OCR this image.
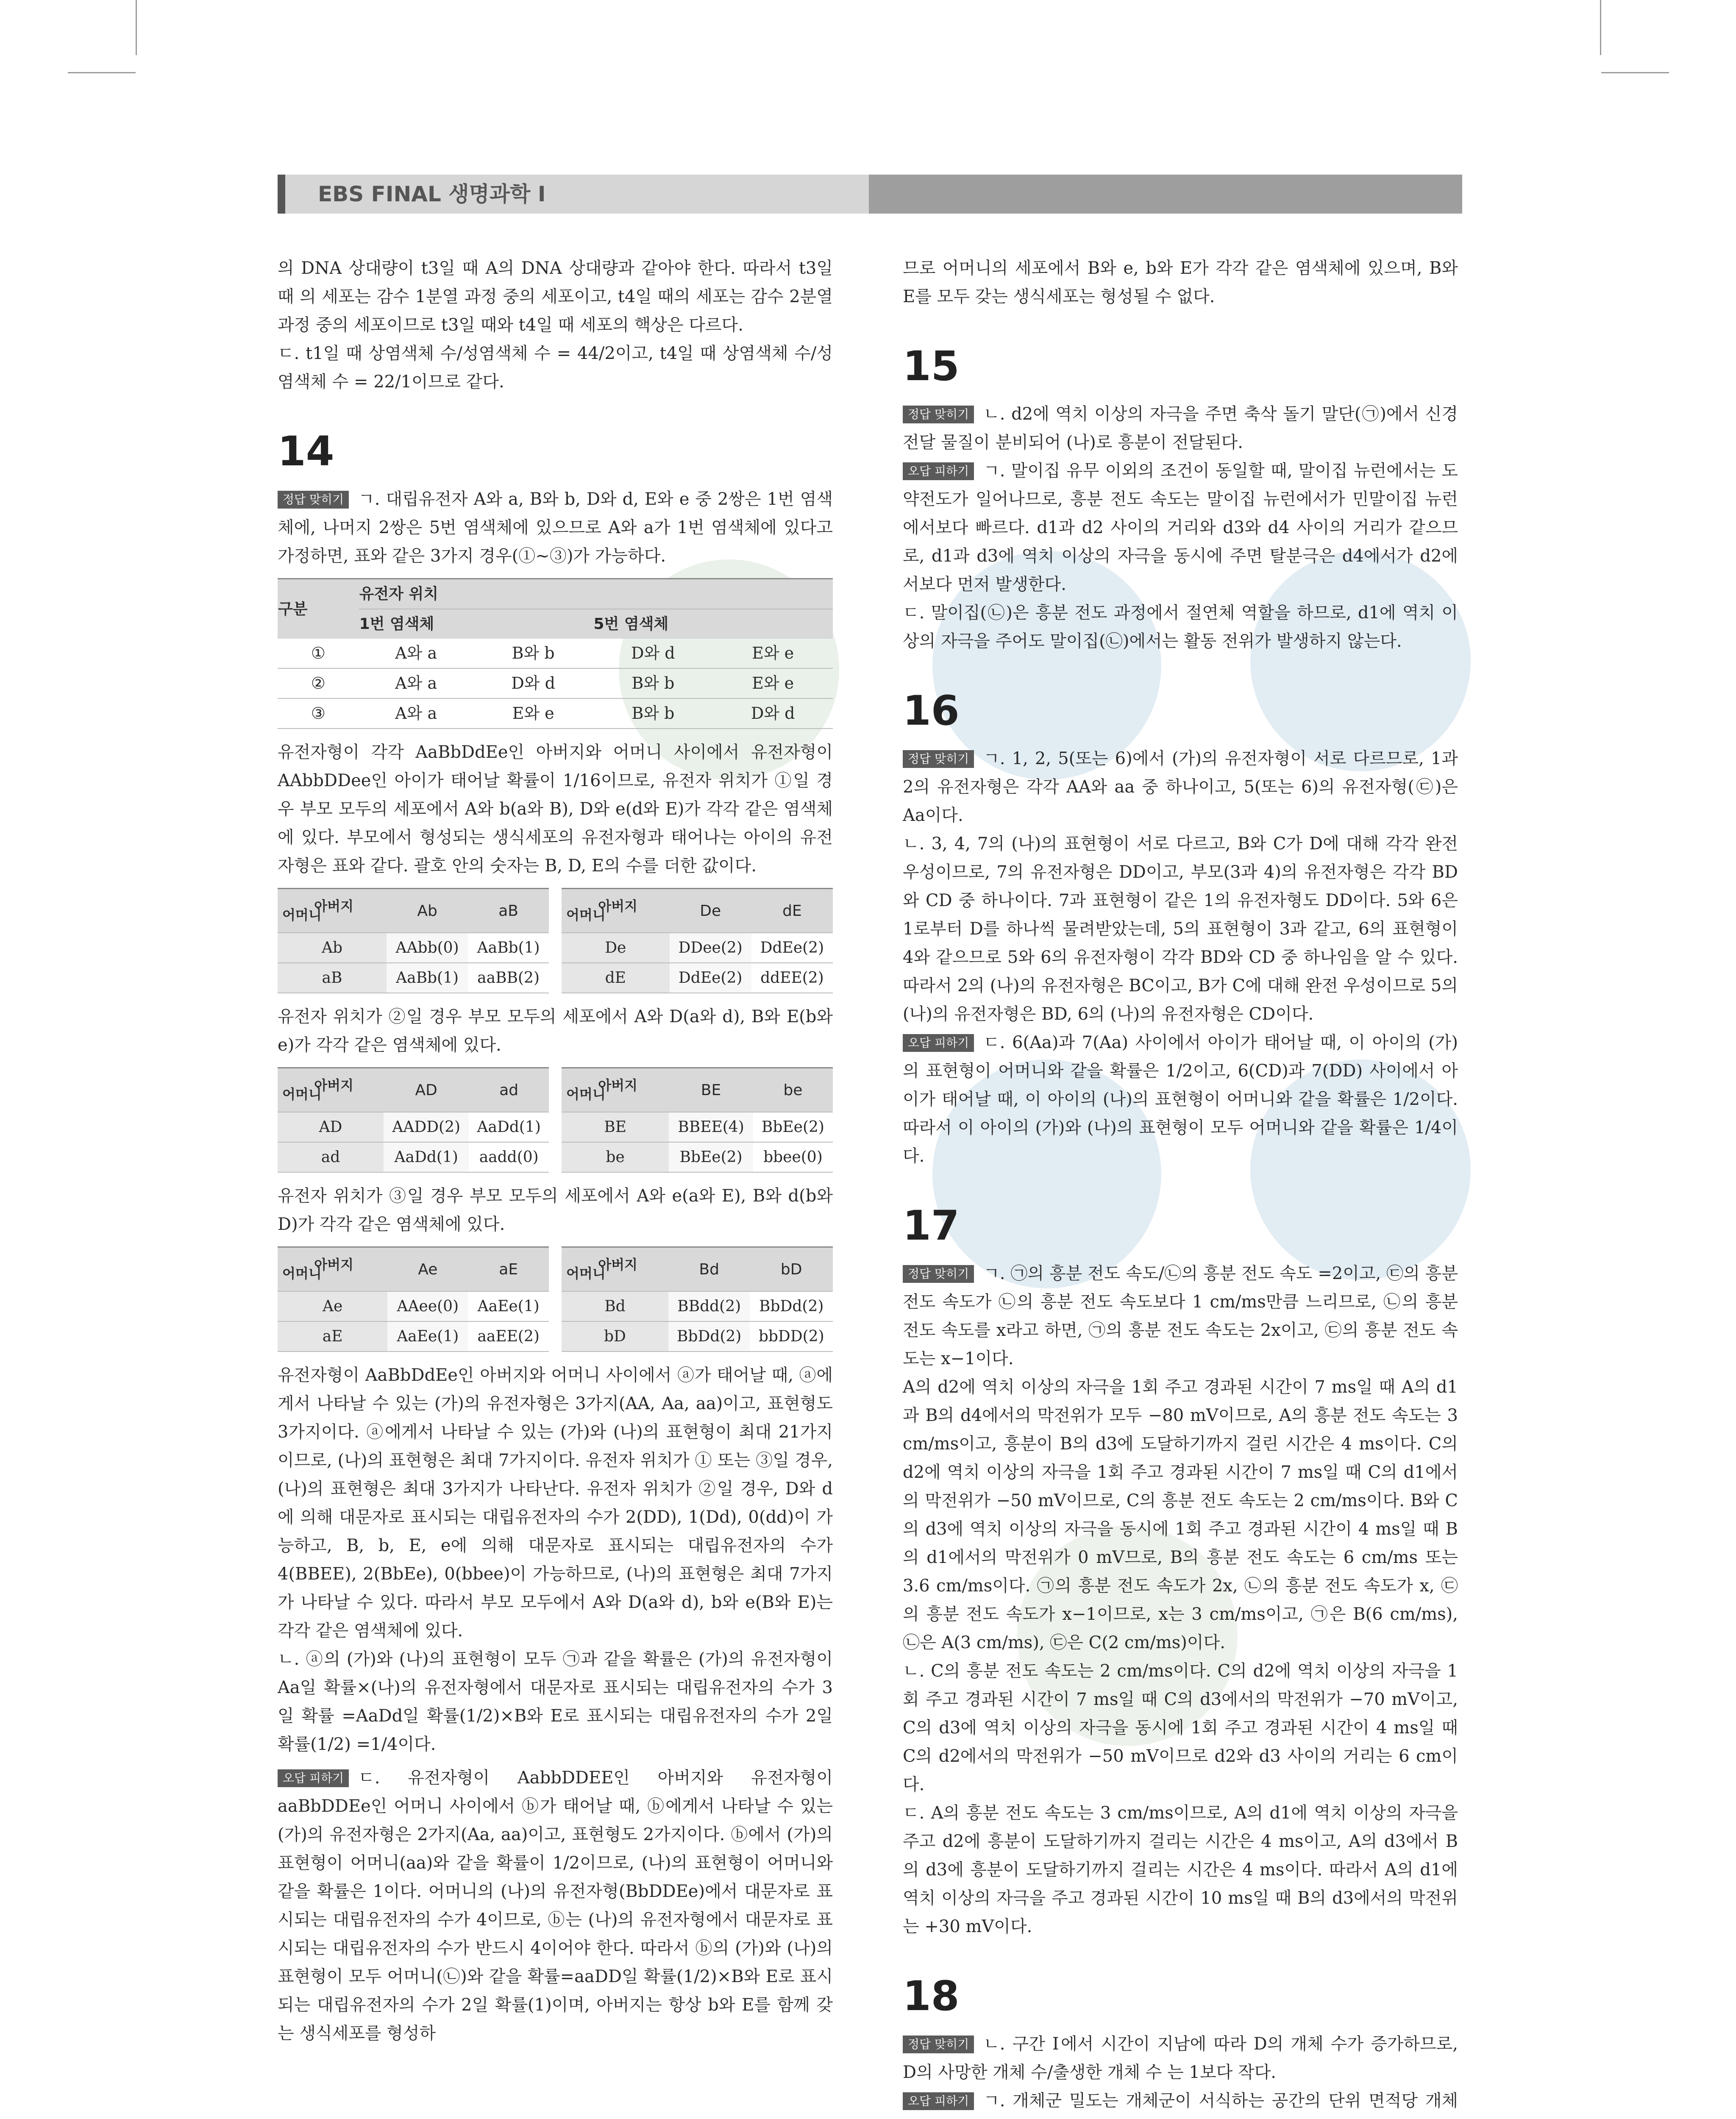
EBS FINAL 생명과학 Ⅰ

의 DNA 상대량이 t3일 때 A의 DNA 상대량과 같아야 한다. 따라서 t3일 때 의 세포는 감수 1분열 과정 중의 세포이고, t4일 때의 세포는 감수 2분열 과정 중의 세포이므로 t3일 때와 t4일 때 세포의 핵상은 다르다.

ㄷ. t1일 때 상염색체 수/성염색체 수 = 44/2이고, t4일 때 상염색체 수/성염색체 수 = 22/1이므로 같다.

14

정답 맞히기 ㄱ. 대립유전자 A와 a, B와 b, D와 d, E와 e 중 2쌍은 1번 염색체에, 나머지 2쌍은 5번 염색체에 있으므로 A와 a가 1번 염색체에 있다고 가정하면, 표와 같은 3가지 경우(①~③)가 가능하다.

구분	유전자 위치			
	1번 염색체		5번 염색체	
①	A와 a	B와 b	D와 d	E와 e
②	A와 a	D와 d	B와 b	E와 e
③	A와 a	E와 e	B와 b	D와 d

유전자형이 각각 AaBbDdEe인 아버지와 어머니 사이에서 유전자형이 AAbbDDee인 아이가 태어날 확률이 1/16이므로, 유전자 위치가 ①일 경우 부모 모두의 세포에서 A와 b(a와 B), D와 e(d와 E)가 각각 같은 염색체에 있다. 부모에서 형성되는 생식세포의 유전자형과 태어나는 아이의 유전자형은 표와 같다. 괄호 안의 숫자는 B, D, E의 수를 더한 값이다.

아버지
어머니	Ab	aB
Ab	AAbb(0)	AaBb(1)
aB	AaBb(1)	aaBB(2)
아버지
어머니	De	dE
De	DDee(2)	DdEe(2)
dE	DdEe(2)	ddEE(2)

유전자 위치가 ②일 경우 부모 모두의 세포에서 A와 D(a와 d), B와 E(b와 e)가 각각 같은 염색체에 있다.

아버지
어머니	AD	ad
AD	AADD(2)	AaDd(1)
ad	AaDd(1)	aadd(0)
아버지
어머니	BE	be
BE	BBEE(4)	BbEe(2)
be	BbEe(2)	bbee(0)

유전자 위치가 ③일 경우 부모 모두의 세포에서 A와 e(a와 E), B와 d(b와 D)가 각각 같은 염색체에 있다.

아버지
어머니	Ae	aE
Ae	AAee(0)	AaEe(1)
aE	AaEe(1)	aaEE(2)
아버지
어머니	Bd	bD
Bd	BBdd(2)	BbDd(2)
bD	BbDd(2)	bbDD(2)

유전자형이 AaBbDdEe인 아버지와 어머니 사이에서 ⓐ가 태어날 때, ⓐ에게서 나타날 수 있는 (가)의 유전자형은 3가지(AA, Aa, aa)이고, 표현형도 3가지이다. ⓐ에게서 나타날 수 있는 (가)와 (나)의 표현형이 최대 21가지이므로, (나)의 표현형은 최대 7가지이다. 유전자 위치가 ① 또는 ③일 경우, (나)의 표현형은 최대 3가지가 나타난다. 유전자 위치가 ②일 경우, D와 d에 의해 대문자로 표시되는 대립유전자의 수가 2(DD), 1(Dd), 0(dd)이 가능하고, B, b, E, e에 의해 대문자로 표시되는 대립유전자의 수가 4(BBEE), 2(BbEe), 0(bbee)이 가능하므로, (나)의 표현형은 최대 7가지가 나타날 수 있다. 따라서 부모 모두에서 A와 D(a와 d), b와 e(B와 E)는 각각 같은 염색체에 있다.

ㄴ. ⓐ의 (가)와 (나)의 표현형이 모두 ㉠과 같을 확률은 (가)의 유전자형이 Aa일 확률×(나)의 유전자형에서 대문자로 표시되는 대립유전자의 수가 3일 확률 =AaDd일 확률(1/2)×B와 E로 표시되는 대립유전자의 수가 2일 확률(1/2) =1/4이다.

오답 피하기 ㄷ. 유전자형이 AabbDDEE인 아버지와 유전자형이 aaBbDDEe인 어머니 사이에서 ⓑ가 태어날 때, ⓑ에게서 나타날 수 있는 (가)의 유전자형은 2가지(Aa, aa)이고, 표현형도 2가지이다. ⓑ에서 (가)의 표현형이 어머니(aa)와 같을 확률이 1/2이므로, (나)의 표현형이 어머니와 같을 확률은 1이다. 어머니의 (나)의 유전자형(BbDDEe)에서 대문자로 표시되는 대립유전자의 수가 4이므로, ⓑ는 (나)의 유전자형에서 대문자로 표시되는 대립유전자의 수가 반드시 4이어야 한다. 따라서 ⓑ의 (가)와 (나)의 표현형이 모두 어머니(㉡)와 같을 확률=aaDD일 확률(1/2)×B와 E로 표시되는 대립유전자의 수가 2일 확률(1)이며, 아버지는 항상 b와 E를 함께 갖는 생식세포를 형성하

므로 어머니의 세포에서 B와 e, b와 E가 각각 같은 염색체에 있으며, B와 E를 모두 갖는 생식세포는 형성될 수 없다.

15

정답 맞히기 ㄴ. d2에 역치 이상의 자극을 주면 축삭 돌기 말단(㉠)에서 신경 전달 물질이 분비되어 (나)로 흥분이 전달된다.

오답 피하기 ㄱ. 말이집 유무 이외의 조건이 동일할 때, 말이집 뉴런에서는 도약전도가 일어나므로, 흥분 전도 속도는 말이집 뉴런에서가 민말이집 뉴런에서보다 빠르다. d1과 d2 사이의 거리와 d3와 d4 사이의 거리가 같으므로, d1과 d3에 역치 이상의 자극을 동시에 주면 탈분극은 d4에서가 d2에서보다 먼저 발생한다.

ㄷ. 말이집(㉡)은 흥분 전도 과정에서 절연체 역할을 하므로, d1에 역치 이상의 자극을 주어도 말이집(㉡)에서는 활동 전위가 발생하지 않는다.

16

정답 맞히기 ㄱ. 1, 2, 5(또는 6)에서 (가)의 유전자형이 서로 다르므로, 1과 2의 유전자형은 각각 AA와 aa 중 하나이고, 5(또는 6)의 유전자형(㉢)은 Aa이다.

ㄴ. 3, 4, 7의 (나)의 표현형이 서로 다르고, B와 C가 D에 대해 각각 완전 우성이므로, 7의 유전자형은 DD이고, 부모(3과 4)의 유전자형은 각각 BD와 CD 중 하나이다. 7과 표현형이 같은 1의 유전자형도 DD이다. 5와 6은 1로부터 D를 하나씩 물려받았는데, 5의 표현형이 3과 같고, 6의 표현형이 4와 같으므로 5와 6의 유전자형이 각각 BD와 CD 중 하나임을 알 수 있다. 따라서 2의 (나)의 유전자형은 BC이고, B가 C에 대해 완전 우성이므로 5의 (나)의 유전자형은 BD, 6의 (나)의 유전자형은 CD이다.

오답 피하기 ㄷ. 6(Aa)과 7(Aa) 사이에서 아이가 태어날 때, 이 아이의 (가)의 표현형이 어머니와 같을 확률은 1/2이고, 6(CD)과 7(DD) 사이에서 아이가 태어날 때, 이 아이의 (나)의 표현형이 어머니와 같을 확률은 1/2이다. 따라서 이 아이의 (가)와 (나)의 표현형이 모두 어머니와 같을 확률은 1/4이다.

17

정답 맞히기 ㄱ. ㉠의 흥분 전도 속도/㉡의 흥분 전도 속도 =2이고, ㉢의 흥분 전도 속도가 ㉡의 흥분 전도 속도보다 1 cm/ms만큼 느리므로, ㉡의 흥분 전도 속도를 x라고 하면, ㉠의 흥분 전도 속도는 2x이고, ㉢의 흥분 전도 속도는 x−1이다.

A의 d2에 역치 이상의 자극을 1회 주고 경과된 시간이 7 ms일 때 A의 d1과 B의 d4에서의 막전위가 모두 −80 mV이므로, A의 흥분 전도 속도는 3 cm/ms이고, 흥분이 B의 d3에 도달하기까지 걸린 시간은 4 ms이다. C의 d2에 역치 이상의 자극을 1회 주고 경과된 시간이 7 ms일 때 C의 d1에서의 막전위가 −50 mV이므로, C의 흥분 전도 속도는 2 cm/ms이다. B와 C의 d3에 역치 이상의 자극을 동시에 1회 주고 경과된 시간이 4 ms일 때 B의 d1에서의 막전위가 0 mV므로, B의 흥분 전도 속도는 6 cm/ms 또는 3.6 cm/ms이다. ㉠의 흥분 전도 속도가 2x, ㉡의 흥분 전도 속도가 x, ㉢의 흥분 전도 속도가 x−1이므로, x는 3 cm/ms이고, ㉠은 B(6 cm/ms), ㉡은 A(3 cm/ms), ㉢은 C(2 cm/ms)이다.

ㄴ. C의 흥분 전도 속도는 2 cm/ms이다. C의 d2에 역치 이상의 자극을 1회 주고 경과된 시간이 7 ms일 때 C의 d3에서의 막전위가 −70 mV이고, C의 d3에 역치 이상의 자극을 동시에 1회 주고 경과된 시간이 4 ms일 때 C의 d2에서의 막전위가 −50 mV이므로 d2와 d3 사이의 거리는 6 cm이다.

ㄷ. A의 흥분 전도 속도는 3 cm/ms이므로, A의 d1에 역치 이상의 자극을 주고 d2에 흥분이 도달하기까지 걸리는 시간은 4 ms이고, A의 d3에서 B의 d3에 흥분이 도달하기까지 걸리는 시간은 4 ms이다. 따라서 A의 d1에 역치 이상의 자극을 주고 경과된 시간이 10 ms일 때 B의 d3에서의 막전위는 +30 mV이다.

18

정답 맞히기 ㄴ. 구간 Ⅰ에서 시간이 지남에 따라 D의 개체 수가 증가하므로, D의 사망한 개체 수/출생한 개체 수 는 1보다 작다.

오답 피하기 ㄱ. 개체군 밀도는 개체군이 서식하는 공간의 단위 면적당 개체
